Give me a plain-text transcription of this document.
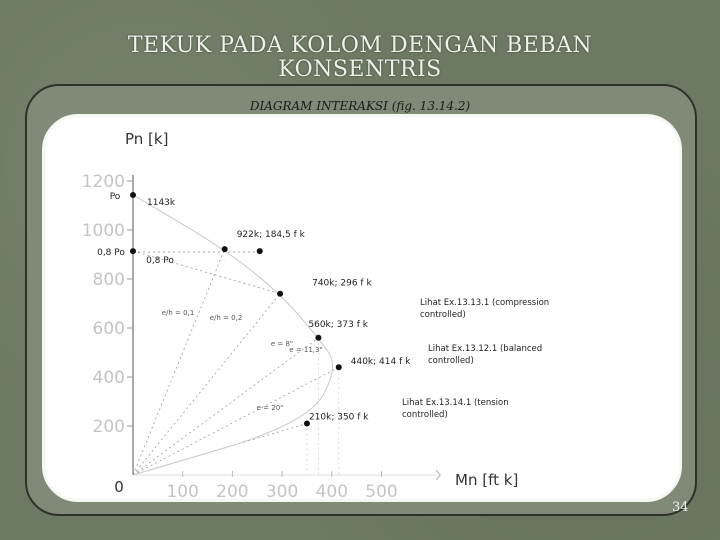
TEKUK PADA KOLOM DENGAN BEBAN
KONSENTRIS
DIAGRAM INTERAKSI (fig. 13.14.2)
1200
1000
800
600
400
200
100 200 300 400 500
0
Pn [k]
Mn [ft k]
e/h = 0,1
e/h = 0,2
e = 8"
e = 11,3"
e = 20"
1143k
922k; 184,5 f k
740k; 296 f k
560k; 373 f k
440k; 414 f k
210k; 350 f k
Po
0,8 Po
0,8 Po
Lihat Ex.13.13.1 (compression
controlled)
Lihat Ex.13.12.1 (balanced
controlled)
Lihat Ex.13.14.1 (tension
controlled)
34
